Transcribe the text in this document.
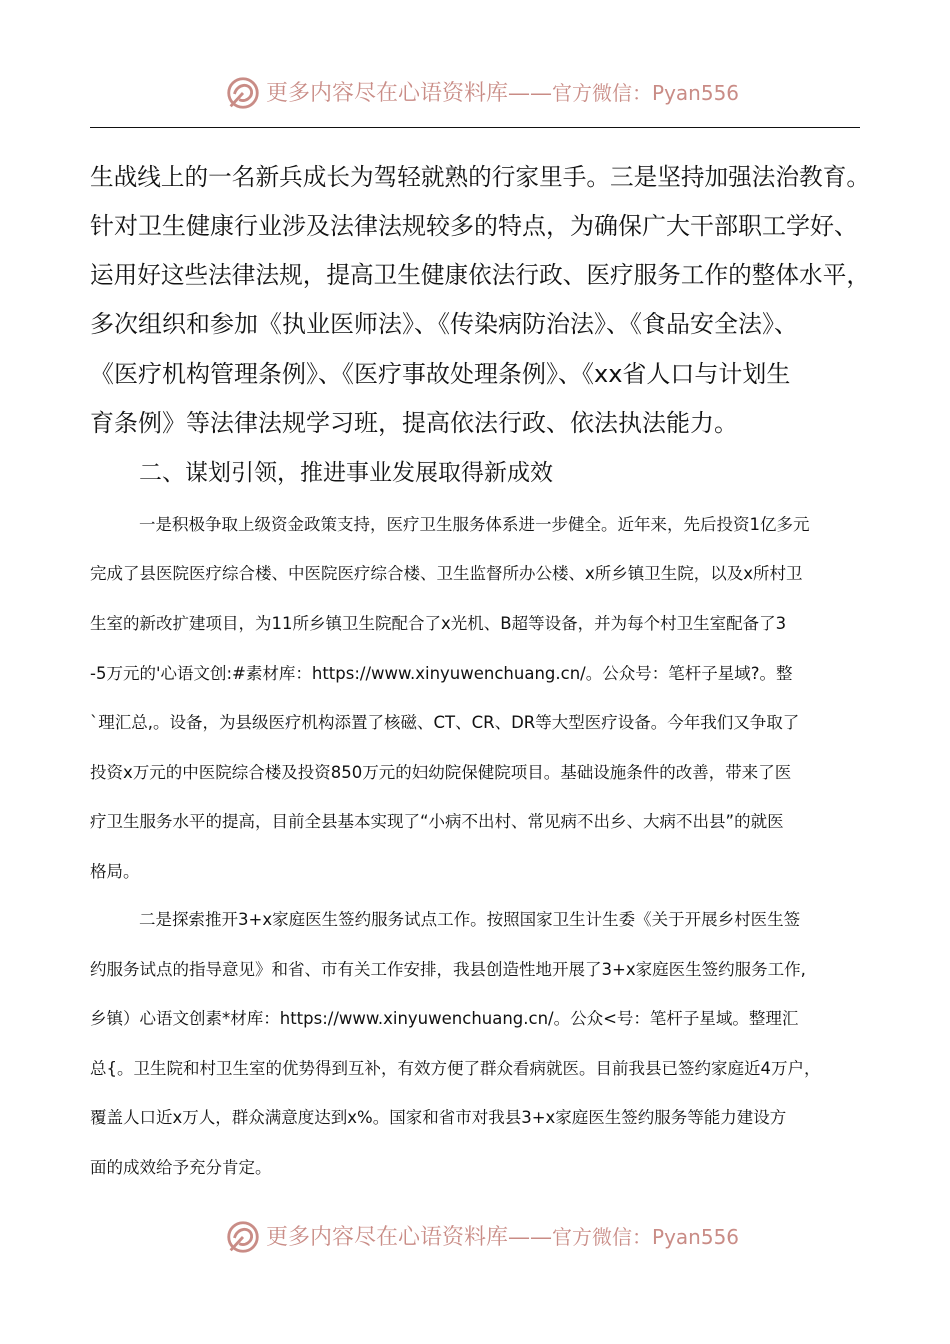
更多内容尽在心语资料库——官方微信：Pyan556
生战线上的一名新兵成长为驾轻就熟的行家里手。三是坚持加强法治教育。
针对卫生健康行业涉及法律法规较多的特点，为确保广大干部职工学好、
运用好这些法律法规，提高卫生健康依法行政、医疗服务工作的整体水平，
多次组织和参加《执业医师法》、《传染病防治法》、《食品安全法》、
《医疗机构管理条例》、《医疗事故处理条例》、《xx省人口与计划生
育条例》等法律法规学习班，提高依法行政、依法执法能力。
二、谋划引领，推进事业发展取得新成效
一是积极争取上级资金政策支持，医疗卫生服务体系进一步健全。近年来，先后投资1亿多元
完成了县医院医疗综合楼、中医院医疗综合楼、卫生监督所办公楼、x所乡镇卫生院，以及x所村卫
生室的新改扩建项目，为11所乡镇卫生院配合了x光机、B超等设备，并为每个村卫生室配备了3
-5万元的'心语文创:#素材库：https://www.xinyuwenchuang.cn/。公众号：笔杆子星域?。整
`理汇总,。设备，为县级医疗机构添置了核磁、CT、CR、DR等大型医疗设备。今年我们又争取了
投资x万元的中医院综合楼及投资850万元的妇幼院保健院项目。基础设施条件的改善，带来了医
疗卫生服务水平的提高，目前全县基本实现了“小病不出村、常见病不出乡、大病不出县”的就医
格局。
二是探索推开3+x家庭医生签约服务试点工作。按照国家卫生计生委《关于开展乡村医生签
约服务试点的指导意见》和省、市有关工作安排，我县创造性地开展了3+x家庭医生签约服务工作,
乡镇）心语文创素*材库：https://www.xinyuwenchuang.cn/。公众<号：笔杆子星域。整理汇
总{。卫生院和村卫生室的优势得到互补，有效方便了群众看病就医。目前我县已签约家庭近4万户，
覆盖人口近x万人，群众满意度达到x%。国家和省市对我县3+x家庭医生签约服务等能力建设方
面的成效给予充分肯定。
更多内容尽在心语资料库——官方微信：Pyan556
